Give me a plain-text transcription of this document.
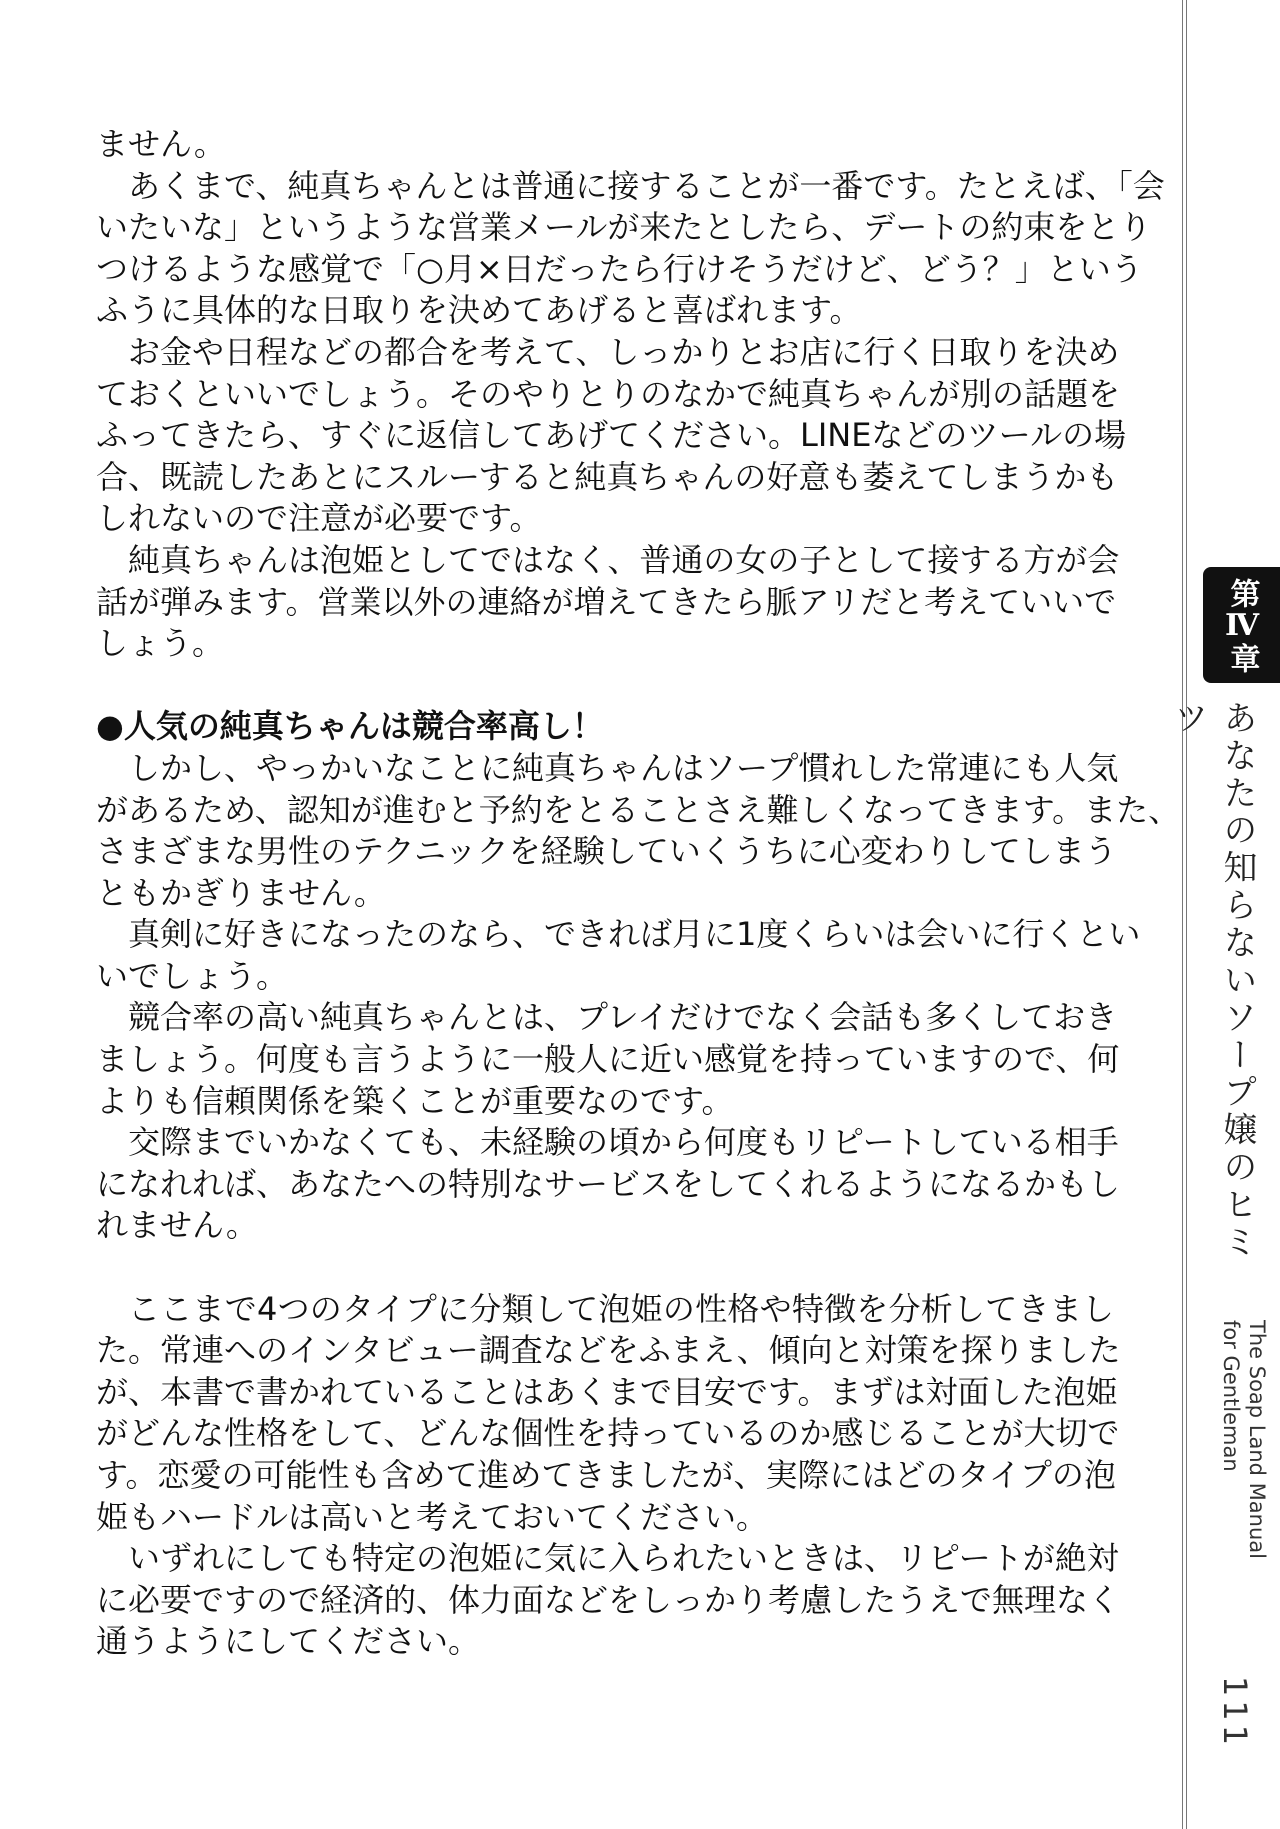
ません。
あくまで、純真ちゃんとは普通に接することが一番です。たとえば、「会
いたいな」というような営業メールが来たとしたら、デートの約束をとり
つけるような感覚で「○月×日だったら行けそうだけど、どう？」という
ふうに具体的な日取りを決めてあげると喜ばれます。
お金や日程などの都合を考えて、しっかりとお店に行く日取りを決め
ておくといいでしょう。そのやりとりのなかで純真ちゃんが別の話題を
ふってきたら、すぐに返信してあげてください。LINEなどのツールの場
合、既読したあとにスルーすると純真ちゃんの好意も萎えてしまうかも
しれないので注意が必要です。
純真ちゃんは泡姫としてではなく、普通の女の子として接する方が会
話が弾みます。営業以外の連絡が増えてきたら脈アリだと考えていいで
しょう。
●人気の純真ちゃんは競合率高し！
しかし、やっかいなことに純真ちゃんはソープ慣れした常連にも人気
があるため、認知が進むと予約をとることさえ難しくなってきます。また、
さまざまな男性のテクニックを経験していくうちに心変わりしてしまう
ともかぎりません。
真剣に好きになったのなら、できれば月に1度くらいは会いに行くとい
いでしょう。
競合率の高い純真ちゃんとは、プレイだけでなく会話も多くしておき
ましょう。何度も言うように一般人に近い感覚を持っていますので、何
よりも信頼関係を築くことが重要なのです。
交際までいかなくても、未経験の頃から何度もリピートしている相手
になれれば、あなたへの特別なサービスをしてくれるようになるかもし
れません。
ここまで4つのタイプに分類して泡姫の性格や特徴を分析してきまし
た。常連へのインタビュー調査などをふまえ、傾向と対策を探りました
が、本書で書かれていることはあくまで目安です。まずは対面した泡姫
がどんな性格をして、どんな個性を持っているのか感じることが大切で
す。恋愛の可能性も含めて進めてきましたが、実際にはどのタイプの泡
姫もハードルは高いと考えておいてください。
いずれにしても特定の泡姫に気に入られたいときは、リピートが絶対
に必要ですので経済的、体力面などをしっかり考慮したうえで無理なく
通うようにしてください。
第Ⅳ章
あなたの知らないソープ嬢のヒミツ
The Soap Land Manual
for Gentleman
111
